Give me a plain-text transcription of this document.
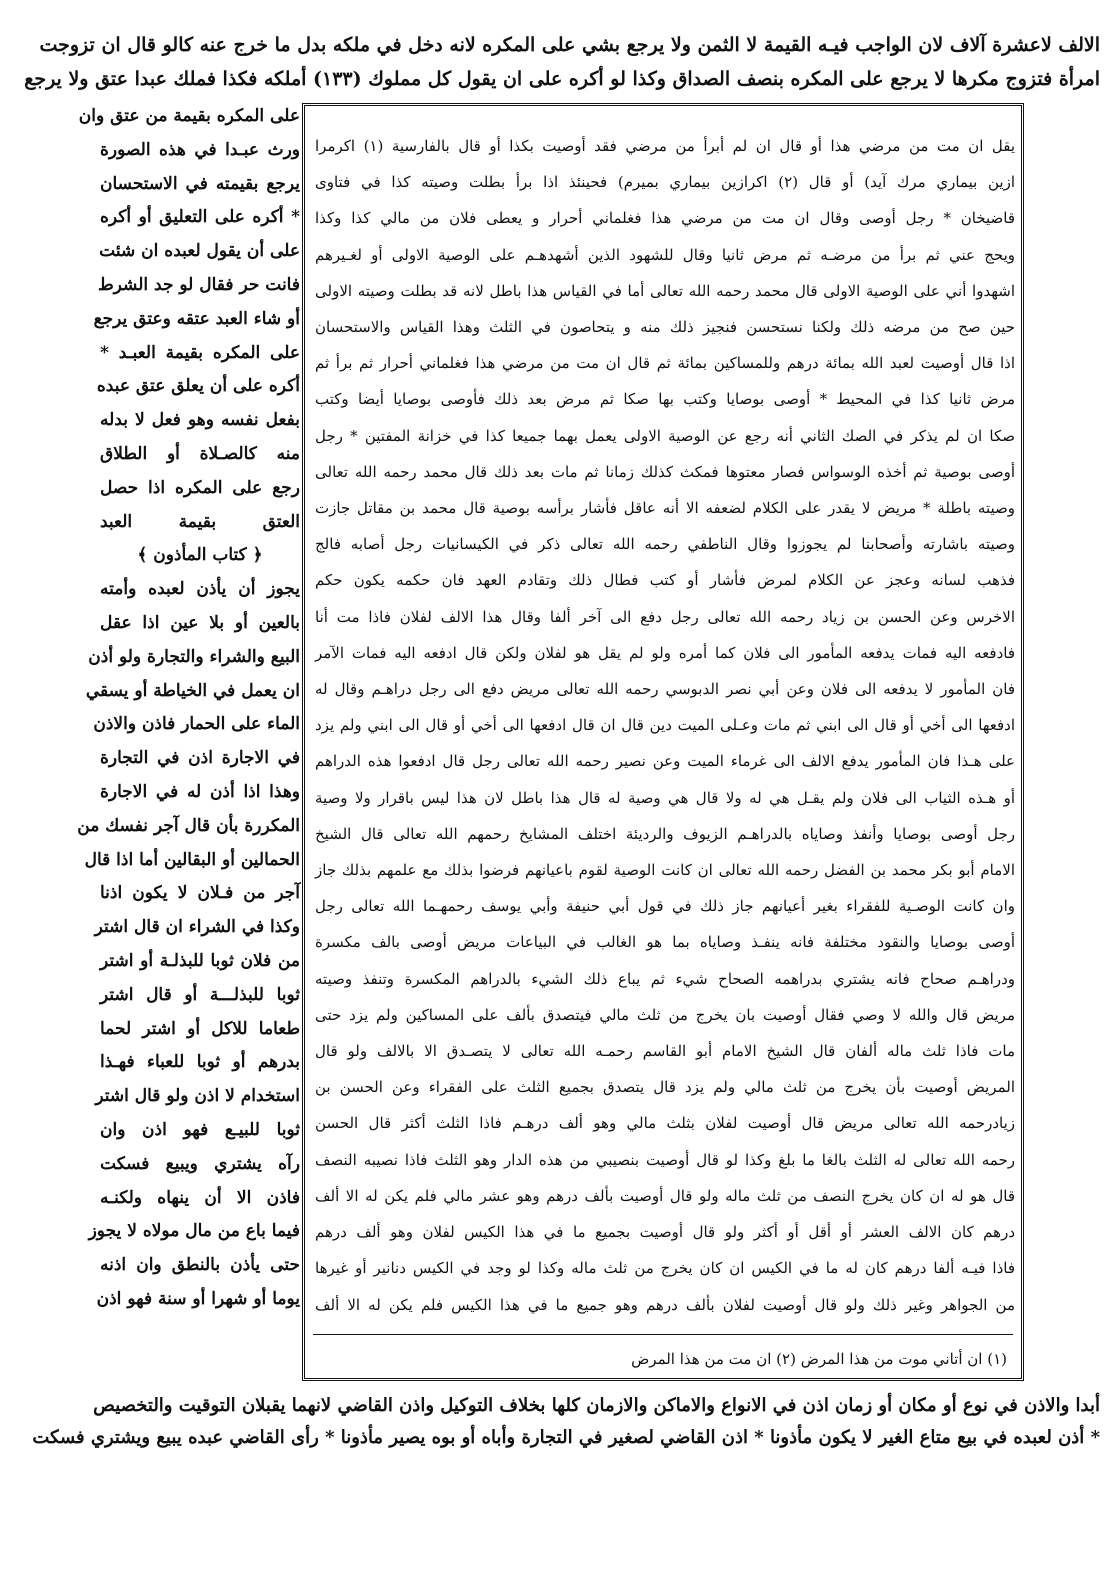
الالف لاعشرة آلاف لان الواجب فيـه القيمة لا الثمن ولا يرجع بشي على المكره لانه دخل في ملكه بدل ما خرج عنه كالو قال ان تزوجت
امرأة فتزوج مكرها لا يرجع على المكره بنصف الصداق وكذا لو أكره على ان يقول كل مملوك (١٣٣) أملكه فكذا فملك عبدا عتق ولا يرجع
على المكره بقيمة من عتق وان
ورث عبـدا في هذه الصورة
يرجع بقيمته في الاستحسان
* أكره على التعليق أو أكره
على أن يقول لعبده ان شئت
فانت حر فقال لو جد الشرط
أو شاء العبد عتقه وعتق يرجع
على المكره بقيمة العبـد *
أكره على أن يعلق عتق عبده
بفعل نفسه وهو فعل لا بدله
منه كالصـلاة أو الطلاق
رجع على المكره اذا حصل
العتق بقيمة العبد
﴿ كتاب المأذون ﴾
يجوز أن يأذن لعبده وأمته
بالعين أو بلا عين اذا عقل
البيع والشراء والتجارة ولو أذن
ان يعمل في الخياطة أو يسقي
الماء على الحمار فاذن والاذن
في الاجارة اذن في التجارة
وهذا اذا أذن له في الاجارة
المكررة بأن قال آجر نفسك من
الحمالين أو البقالين أما اذا قال
آجر من فـلان لا يكون اذنا
وكذا في الشراء ان قال اشتر
من فلان ثوبا للبذلـة أو اشتر
ثوبا للبذلـــة أو قال اشتر
طعاما للاكل أو اشتر لحما
بدرهم أو ثوبا للعباء فهـذا
استخدام لا اذن ولو قال اشتر
ثوبا للبيـع فهو اذن وان
رآه يشتري ويبيع فسكت
فاذن الا أن ينهاه ولكنـه
فيما باع من مال مولاه لا يجوز
حتى يأذن بالنطق وان اذنه
يوما أو شهرا أو سنة فهو اذن
يقل ان مت من مرضي هذا أو قال ان لم أبرأ من مرضي فقد أوصيت بكذا أو قال بالفارسية (١) اكرمرا
ازين بيماري مرك آيد) أو قال (٢) اكرازين بيماري بميرم) فحينئذ اذا برأ بطلت وصيته كذا في فتاوى
قاضيخان * رجل أوصى وقال ان مت من مرضي هذا فغلماني أحرار و يعطى فلان من مالي كذا وكذا
ويحج عني ثم برأ من مرضـه ثم مرض ثانيا وقال للشهود الذين أشهدهـم على الوصية الاولى أو لغـيرهم
اشهدوا أني على الوصية الاولى قال محمد رحمه الله تعالى أما في القياس هذا باطل لانه قد بطلت وصيته الاولى
حين صح من مرضه ذلك ولكنا نستحسن فنجيز ذلك منه و يتحاصون في الثلث وهذا القياس والاستحسان
اذا قال أوصيت لعبد الله بمائة درهم وللمساكين بمائة ثم قال ان مت من مرضي هذا فغلماني أحرار ثم برأ ثم
مرض ثانيا كذا في المحيط * أوصى بوصايا وكتب بها صكا ثم مرض بعد ذلك فأوصى بوصايا أيضا وكتب
صكا ان لم يذكر في الصك الثاني أنه رجع عن الوصية الاولى يعمل بهما جميعا كذا في خزانة المفتين * رجل
أوصى بوصية ثم أخذه الوسواس فصار معتوها فمكث كذلك زمانا ثم مات بعد ذلك قال محمد رحمه الله تعالى
وصيته باطلة * مريض لا يقدر على الكلام لضعفه الا أنه عاقل فأشار برأسه بوصية قال محمد بن مقاتل جازت
وصيته باشارته وأصحابنا لم يجوزوا وقال الناطفي رحمه الله تعالى ذكر في الكيسانيات رجل أصابه فالج
فذهب لسانه وعجز عن الكلام لمرض فأشار أو كتب فطال ذلك وتقادم العهد فان حكمه يكون حكم
الاخرس وعن الحسن بن زياد رحمه الله تعالى رجل دفع الى آخر ألفا وقال هذا الالف لفلان فاذا مت أنا
فادفعه اليه فمات يدفعه المأمور الى فلان كما أمره ولو لم يقل هو لفلان ولكن قال ادفعه اليه فمات الآمر
فان المأمور لا يدفعه الى فلان وعن أبي نصر الدبوسي رحمه الله تعالى مريض دفع الى رجل دراهـم وقال له
ادفعها الى أخي أو قال الى ابني ثم مات وعـلى الميت دين قال ان قال ادفعها الى أخي أو قال الى ابني ولم يزد
على هـذا فان المأمور يدفع الالف الى غرماء الميت وعن نصير رحمه الله تعالى رجل قال ادفعوا هذه الدراهم
أو هـذه الثياب الى فلان ولم يقـل هي له ولا قال هي وصية له قال هذا باطل لان هذا ليس باقرار ولا وصية
رجل أوصى بوصايا وأنفذ وصاياه بالدراهـم الزيوف والرديئة اختلف المشايخ رحمهم الله تعالى قال الشيخ
الامام أبو بكر محمد بن الفضل رحمه الله تعالى ان كانت الوصية لقوم باعيانهم فرضوا بذلك مع علمهم بذلك جاز
وان كانت الوصـية للفقراء بغير أعيانهم جاز ذلك في قول أبي حنيفة وأبي يوسف رحمهـما الله تعالى رجل
أوصى بوصايا والنقود مختلفة فانه ينفـذ وصاياه بما هو الغالب في البياعات مريض أوصى بالف مكسرة
ودراهـم صحاح فانه يشتري بدراهمه الصحاح شيء ثم يباع ذلك الشيء بالدراهم المكسرة وتنفذ وصيته
مريض قال والله لا وصي فقال أوصيت بان يخرج من ثلث مالي فيتصدق بألف على المساكين ولم يزد حتى
مات فاذا ثلث ماله ألفان قال الشيخ الامام أبو القاسم رحمـه الله تعالى لا يتصـدق الا بالالف ولو قال
المريض أوصيت بأن يخرج من ثلث مالي ولم يزد قال يتصدق بجميع الثلث على الفقراء وعن الحسن بن
زيادرحمه الله تعالى مريض قال أوصيت لفلان بثلث مالي وهو ألف درهـم فاذا الثلث أكثر قال الحسن
رحمه الله تعالى له الثلث بالغا ما بلغ وكذا لو قال أوصيت بنصيبي من هذه الدار وهو الثلث فاذا نصيبه النصف
قال هو له ان كان يخرج النصف من ثلث ماله ولو قال أوصيت بألف درهم وهو عشر مالي فلم يكن له الا ألف
درهم كان الالف العشر أو أقل أو أكثر ولو قال أوصيت بجميع ما في هذا الكيس لفلان وهو ألف درهم
فاذا فيـه ألفا درهم كان له ما في الكيس ان كان يخرج من ثلث ماله وكذا لو وجد في الكيس دنانير أو غيرها
من الجواهر وغير ذلك ولو قال أوصيت لفلان بألف درهم وهو جميع ما في هذا الكيس فلم يكن له الا ألف
(١) ان أتاني موت من هذا المرض (٢) ان مت من هذا المرض
أبدا والاذن في نوع أو مكان أو زمان اذن في الانواع والاماكن والازمان كلها بخلاف التوكيل واذن القاضي لانهما يقبلان التوقيت والتخصيص
* أذن لعبده في بيع متاع الغير لا يكون مأذونا * اذن القاضي لصغير في التجارة وأباه أو بوه يصير مأذونا * رأى القاضي عبده يبيع ويشتري فسكت
